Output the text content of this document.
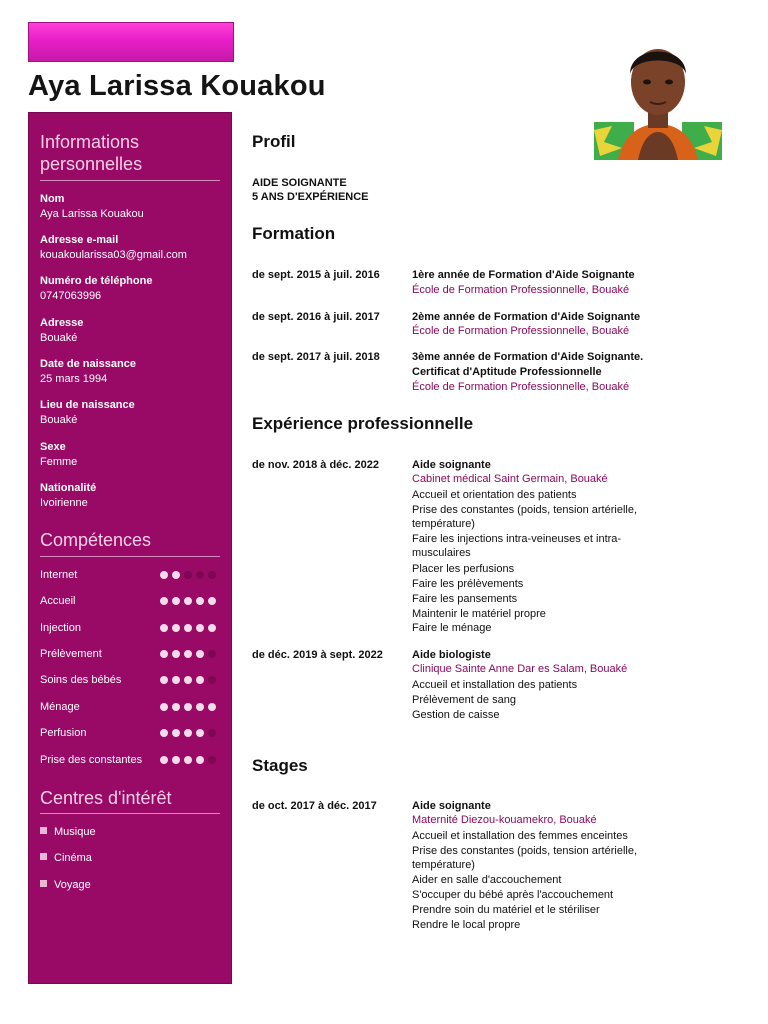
Aya Larissa Kouakou
Informations
personnelles
Nom
Aya Larissa Kouakou
Adresse e-mail
kouakoularissa03@gmail.com
Numéro de téléphone
0747063996
Adresse
Bouaké
Date de naissance
25 mars 1994
Lieu de naissance
Bouaké
Sexe
Femme
Nationalité
Ivoirienne
Compétences
Internet
Accueil
Injection
Prélèvement
Soins des bébés
Ménage
Perfusion
Prise des constantes
Centres d'intérêt
Musique
Cinéma
Voyage
Profil
AIDE SOIGNANTE
5 ANS D'EXPÉRIENCE
Formation
de sept. 2015 à juil. 2016	1ère année de Formation d'Aide Soignante
École de Formation Professionnelle, Bouaké
de sept. 2016 à juil. 2017	2ème année de Formation d'Aide Soignante
École de Formation Professionnelle, Bouaké
de sept. 2017 à juil. 2018	3ème année de Formation d'Aide Soignante.
Certificat d'Aptitude Professionnelle
École de Formation Professionnelle, Bouaké
Expérience professionnelle
de nov. 2018 à déc. 2022	Aide soignante
Cabinet médical Saint Germain, Bouaké
Accueil et orientation des patients
Prise des constantes (poids, tension artérielle,
température)
Faire les injections intra-veineuses et intra-
musculaires
Placer les perfusions
Faire les prélèvements
Faire les pansements
Maintenir le matériel propre
Faire le ménage
de déc. 2019 à sept. 2022	Aide biologiste
Clinique Sainte Anne Dar es Salam, Bouaké
Accueil et installation des patients
Prélèvement de sang
Gestion de caisse
Stages
de oct. 2017 à déc. 2017	Aide soignante
Maternité Diezou-kouamekro, Bouaké
Accueil et installation des femmes enceintes
Prise des constantes (poids, tension artérielle,
température)
Aider en salle d'accouchement
S'occuper du bébé après l'accouchement
Prendre soin du matériel et le stériliser
Rendre le local propre
